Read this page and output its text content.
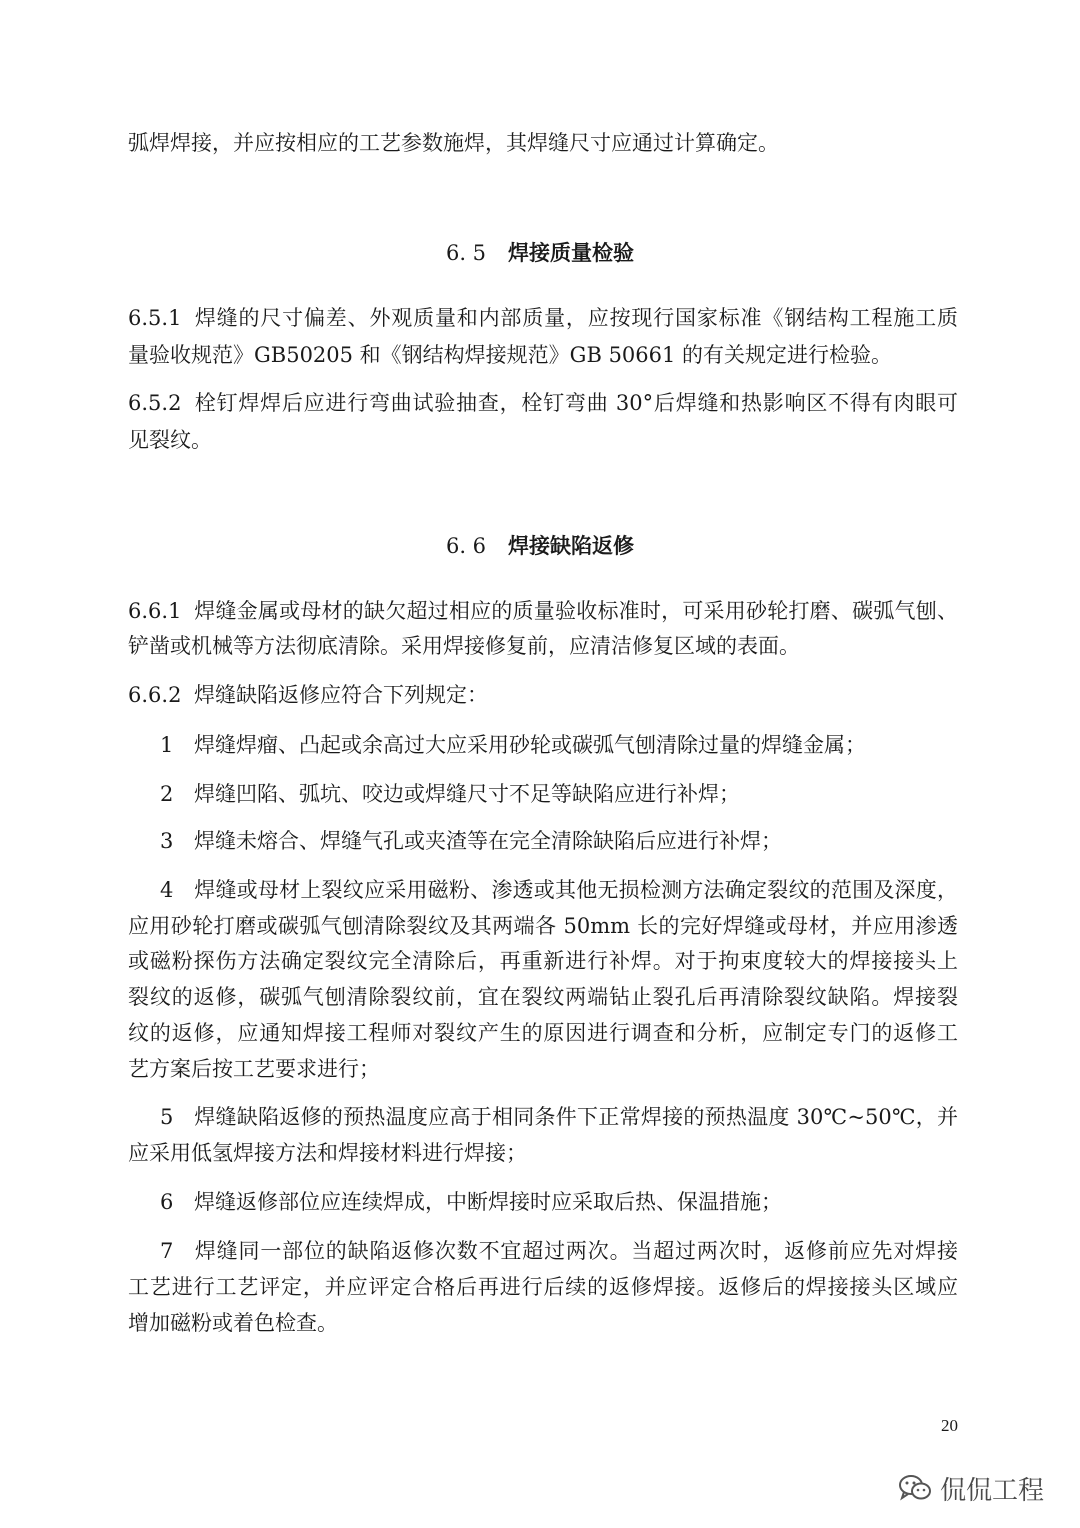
弧焊焊接，并应按相应的工艺参数施焊，其焊缝尺寸应通过计算确定。
6. 5 焊接质量检验
6.5.1 焊缝的尺寸偏差、外观质量和内部质量，应按现行国家标准《钢结构工程施工质
量验收规范》GB50205 和《钢结构焊接规范》GB 50661 的有关规定进行检验。
6.5.2 栓钉焊焊后应进行弯曲试验抽查，栓钉弯曲 30°后焊缝和热影响区不得有肉眼可
见裂纹。
6. 6 焊接缺陷返修
6.6.1 焊缝金属或母材的缺欠超过相应的质量验收标准时，可采用砂轮打磨、碳弧气刨、
铲凿或机械等方法彻底清除。采用焊接修复前，应清洁修复区域的表面。
6.6.2 焊缝缺陷返修应符合下列规定：
1 焊缝焊瘤、凸起或余高过大应采用砂轮或碳弧气刨清除过量的焊缝金属；
2 焊缝凹陷、弧坑、咬边或焊缝尺寸不足等缺陷应进行补焊；
3 焊缝未熔合、焊缝气孔或夹渣等在完全清除缺陷后应进行补焊；
4 焊缝或母材上裂纹应采用磁粉、渗透或其他无损检测方法确定裂纹的范围及深度，
应用砂轮打磨或碳弧气刨清除裂纹及其两端各 50mm 长的完好焊缝或母材，并应用渗透
或磁粉探伤方法确定裂纹完全清除后，再重新进行补焊。对于拘束度较大的焊接接头上
裂纹的返修，碳弧气刨清除裂纹前，宜在裂纹两端钻止裂孔后再清除裂纹缺陷。焊接裂
纹的返修，应通知焊接工程师对裂纹产生的原因进行调查和分析，应制定专门的返修工
艺方案后按工艺要求进行；
5 焊缝缺陷返修的预热温度应高于相同条件下正常焊接的预热温度 30℃~50℃，并
应采用低氢焊接方法和焊接材料进行焊接；
6 焊缝返修部位应连续焊成，中断焊接时应采取后热、保温措施；
7 焊缝同一部位的缺陷返修次数不宜超过两次。当超过两次时，返修前应先对焊接
工艺进行工艺评定，并应评定合格后再进行后续的返修焊接。返修后的焊接接头区域应
增加磁粉或着色检查。
20
侃侃工程
